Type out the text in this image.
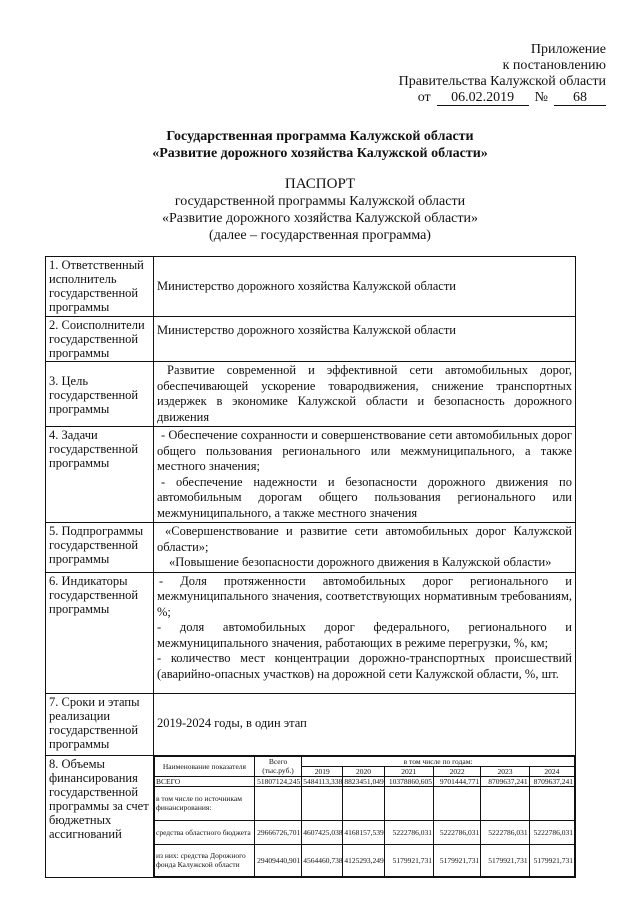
Приложение
к постановлению
Правительства Калужской области
от	06.02.2019	№	68
Государственная программа Калужской области
«Развитие дорожного хозяйства Калужской области»
ПАСПОРТ
государственной программы Калужской области
«Развитие дорожного хозяйства Калужской области»
(далее – государственная программа)
1. Ответственный исполнитель государственной программы	Министерство дорожного хозяйства Калужской области
2. Соисполнители государственной программы	Министерство дорожного хозяйства Калужской области
3. Цель государственной программы	

Развитие современной и эффективной сети автомобильных дорог, обеспечивающей ускорение товародвижения, снижение транспортных издержек в экономике Калужской области и безопасность дорожного движения

4. Задачи государственной программы	

- Обеспечение сохранности и совершенствование сети автомобильных дорог общего пользования регионального или межмуниципального, а также местного значения;

- обеспечение надежности и безопасности дорожного движения по автомобильным дорогам общего пользования регионального или межмуниципального, а также местного значения

5. Подпрограммы государственной программы	

«Совершенствование и развитие сети автомобильных дорог Калужской области»;

«Повышение безопасности дорожного движения в Калужской области»

6. Индикаторы государственной программы	

- Доля протяженности автомобильных дорог регионального и межмуниципального значения, соответствующих нормативным требованиям, %;

- доля автомобильных дорог федерального, регионального и межмуниципального значения, работающих в режиме перегрузки, %, км;

- количество мест концентрации дорожно-транспортных происшествий (аварийно-опасных участков) на дорожной сети Калужской области, %, шт.

7. Сроки и этапы реализации государственной программы	2019-2024 годы, в один этап
8. Объемы финансирования государственной программы за счет бюджетных ассигнований	
Наименование показателя	Всего (тыс.руб.)	в том числе по годам:
2019	2020	2021	2022	2023	2024
ВСЕГО	51807124,245	5484113,338	8823451,049	10378860,605	9701444,771	8709637,241	8709637,241
в том числе по источникам финансирования:							
средства областного бюджета	29666726,701	4607425,038	4168157,539	5222786,031	5222786,031	5222786,031	5222786,031
из них: средства Дорожного фонда Калужской области	29409440,901	4564460,738	4125293,249	5179921,731	5179921,731	5179921,731	5179921,731
